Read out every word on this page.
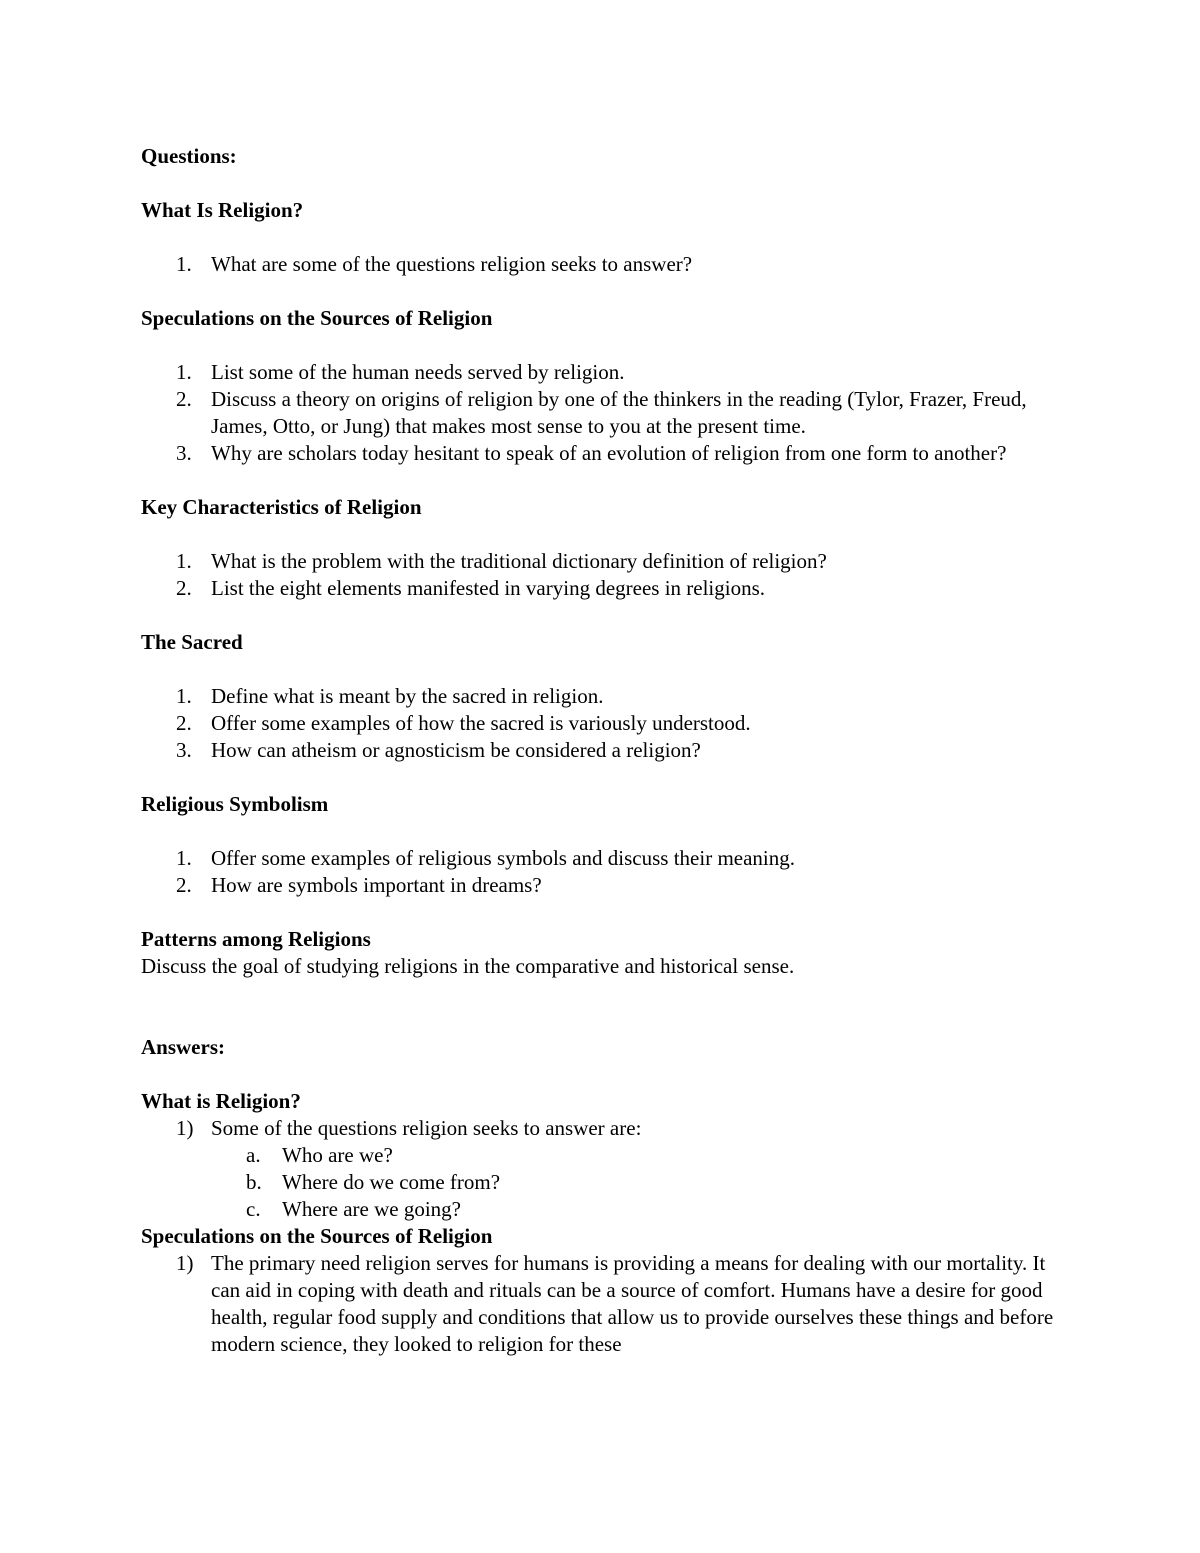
Questions:

What Is Religion?

1. What are some of the questions religion seeks to answer?

Speculations on the Sources of Religion

1. List some of the human needs served by religion.
2. Discuss a theory on origins of religion by one of the thinkers in the reading (Tylor, Frazer, Freud, James, Otto, or Jung) that makes most sense to you at the present time.
3. Why are scholars today hesitant to speak of an evolution of religion from one form to another?

Key Characteristics of Religion

1. What is the problem with the traditional dictionary definition of religion?
2. List the eight elements manifested in varying degrees in religions.

The Sacred

1. Define what is meant by the sacred in religion.
2. Offer some examples of how the sacred is variously understood.
3. How can atheism or agnosticism be considered a religion?

Religious Symbolism

1. Offer some examples of religious symbols and discuss their meaning.
2. How are symbols important in dreams?

Patterns among Religions

Discuss the goal of studying religions in the comparative and historical sense.

Answers:

What is Religion?

1) Some of the questions religion seeks to answer are:
a. Who are we?
b. Where do we come from?
c. Where are we going?

Speculations on the Sources of Religion

1) The primary need religion serves for humans is providing a means for dealing with our mortality. It can aid in coping with death and rituals can be a source of comfort. Humans have a desire for good health, regular food supply and conditions that allow us to provide ourselves these things and before modern science, they looked to religion for these
